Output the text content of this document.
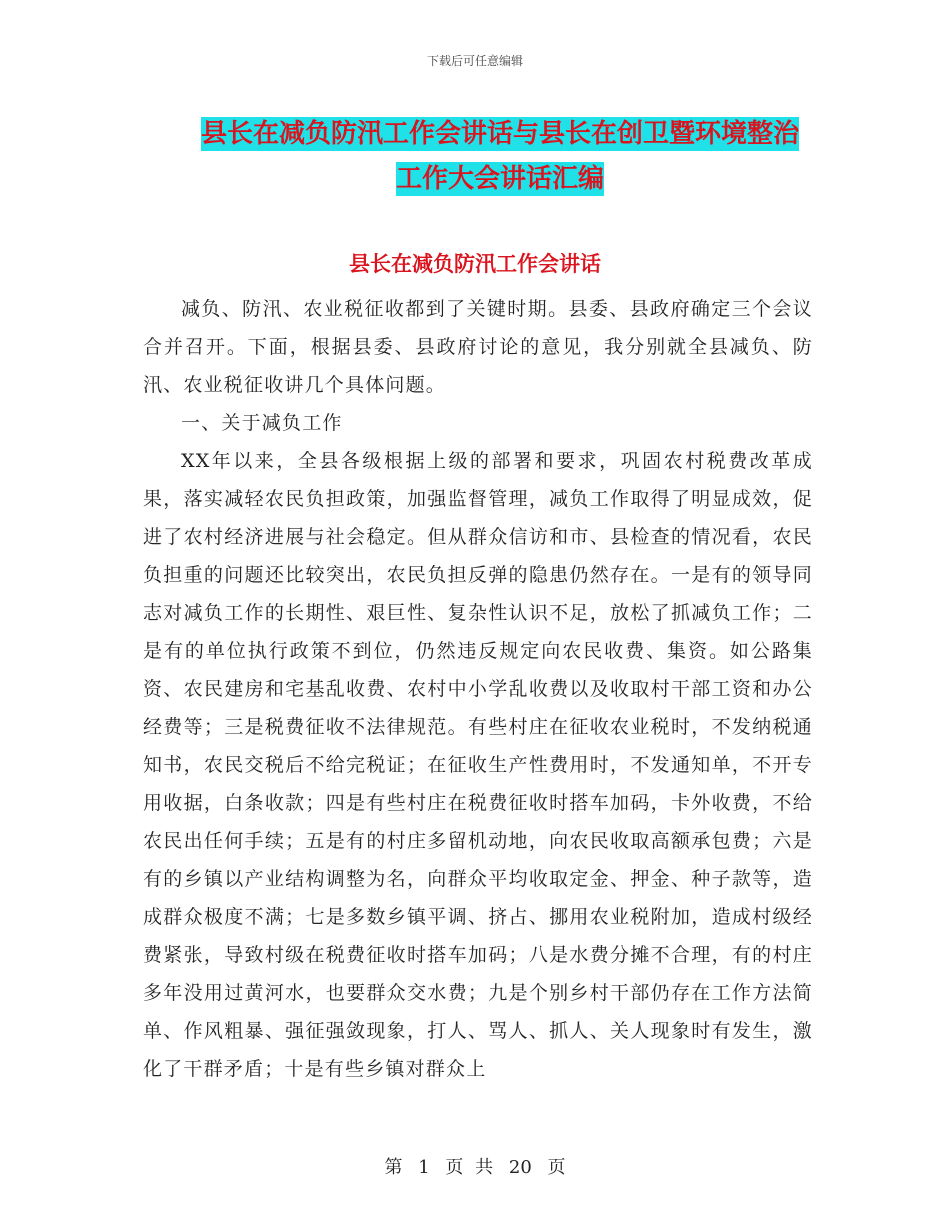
下载后可任意编辑
县长在减负防汛工作会讲话与县长在创卫暨环境整治
工作大会讲话汇编
县长在减负防汛工作会讲话

减负、防汛、农业税征收都到了关键时期。县委、县政府确定三个会议合并召开。下面，根据县委、县政府讨论的意见，我分别就全县减负、防汛、农业税征收讲几个具体问题。

一、关于减负工作

XX年以来，全县各级根据上级的部署和要求，巩固农村税费改革成果，落实减轻农民负担政策，加强监督管理，减负工作取得了明显成效，促进了农村经济进展与社会稳定。但从群众信访和市、县检查的情况看，农民负担重的问题还比较突出，农民负担反弹的隐患仍然存在。一是有的领导同志对减负工作的长期性、艰巨性、复杂性认识不足，放松了抓减负工作；二是有的单位执行政策不到位，仍然违反规定向农民收费、集资。如公路集资、农民建房和宅基乱收费、农村中小学乱收费以及收取村干部工资和办公经费等；三是税费征收不法律规范。有些村庄在征收农业税时，不发纳税通知书，农民交税后不给完税证；在征收生产性费用时，不发通知单，不开专用收据，白条收款；四是有些村庄在税费征收时搭车加码，卡外收费，不给农民出任何手续；五是有的村庄多留机动地，向农民收取高额承包费；六是有的乡镇以产业结构调整为名，向群众平均收取定金、押金、种子款等，造成群众极度不满；七是多数乡镇平调、挤占、挪用农业税附加，造成村级经费紧张，导致村级在税费征收时搭车加码；八是水费分摊不合理，有的村庄多年没用过黄河水，也要群众交水费；九是个别乡村干部仍存在工作方法简单、作风粗暴、强征强敛现象，打人、骂人、抓人、关人现象时有发生，激化了干群矛盾；十是有些乡镇对群众上

第 1 页 共 20 页
